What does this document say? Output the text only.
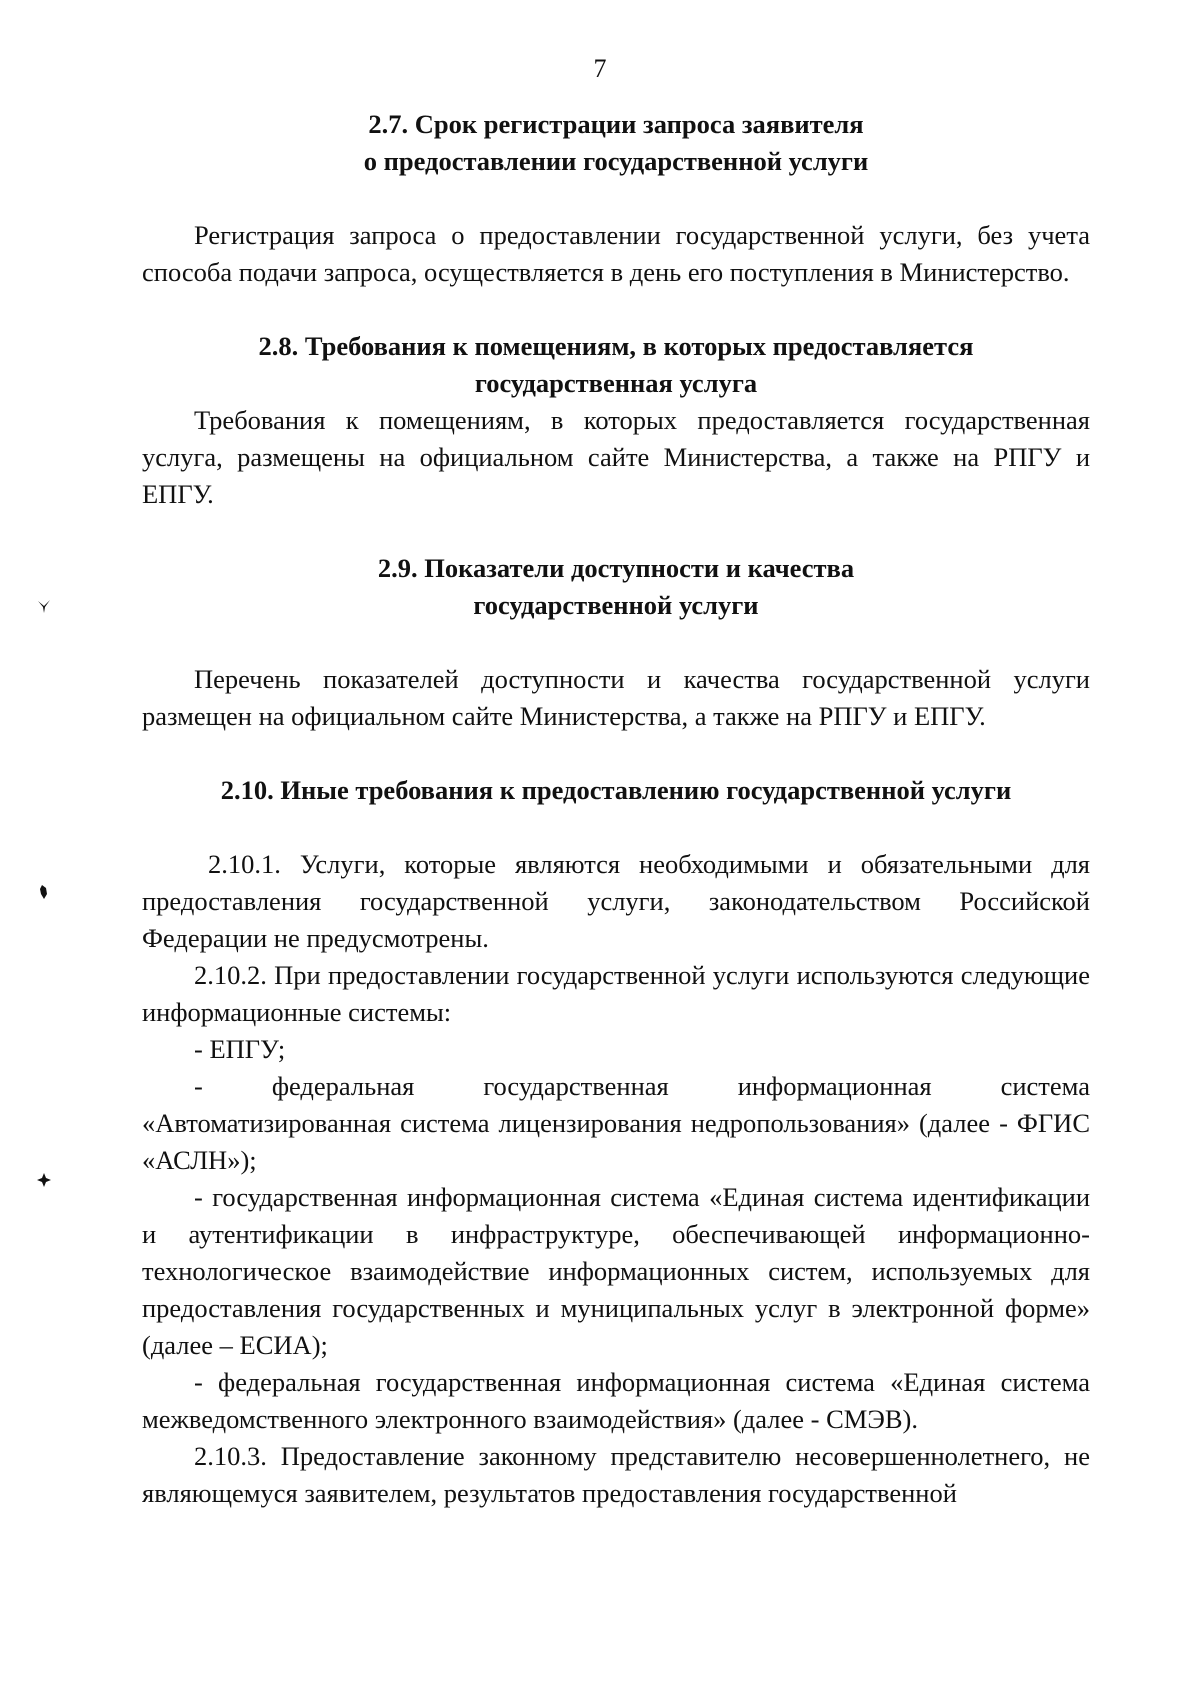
7
2.7. Срок регистрации запроса заявителя
о предоставлении государственной услуги

Регистрация запроса о предоставлении государственной услуги, без учета способа подачи запроса, осуществляется в день его поступления в Министерство.

2.8. Требования к помещениям, в которых предоставляется
государственная услуга

Требования к помещениям, в которых предоставляется государственная услуга, размещены на официальном сайте Министерства, а также на РПГУ и ЕПГУ.

2.9. Показатели доступности и качества
государственной услуги

Перечень показателей доступности и качества государственной услуги размещен на официальном сайте Министерства, а также на РПГУ и ЕПГУ.

2.10. Иные требования к предоставлению государственной услуги

2.10.1. Услуги, которые являются необходимыми и обязательными для предоставления государственной услуги, законодательством Российской Федерации не предусмотрены.

2.10.2. При предоставлении государственной услуги используются следующие информационные системы:

- ЕПГУ;

- федеральная государственная информационная система «Автоматизированная система лицензирования недропользования» (далее - ФГИС «АСЛН»);

- государственная информационная система «Единая система идентификации и аутентификации в инфраструктуре, обеспечивающей информационно-технологическое взаимодействие информационных систем, используемых для предоставления государственных и муниципальных услуг в электронной форме» (далее – ЕСИА);

- федеральная государственная информационная система «Единая система межведомственного электронного взаимодействия» (далее - СМЭВ).

2.10.3. Предоставление законному представителю несовершеннолетнего, не являющемуся заявителем, результатов предоставления государственной
